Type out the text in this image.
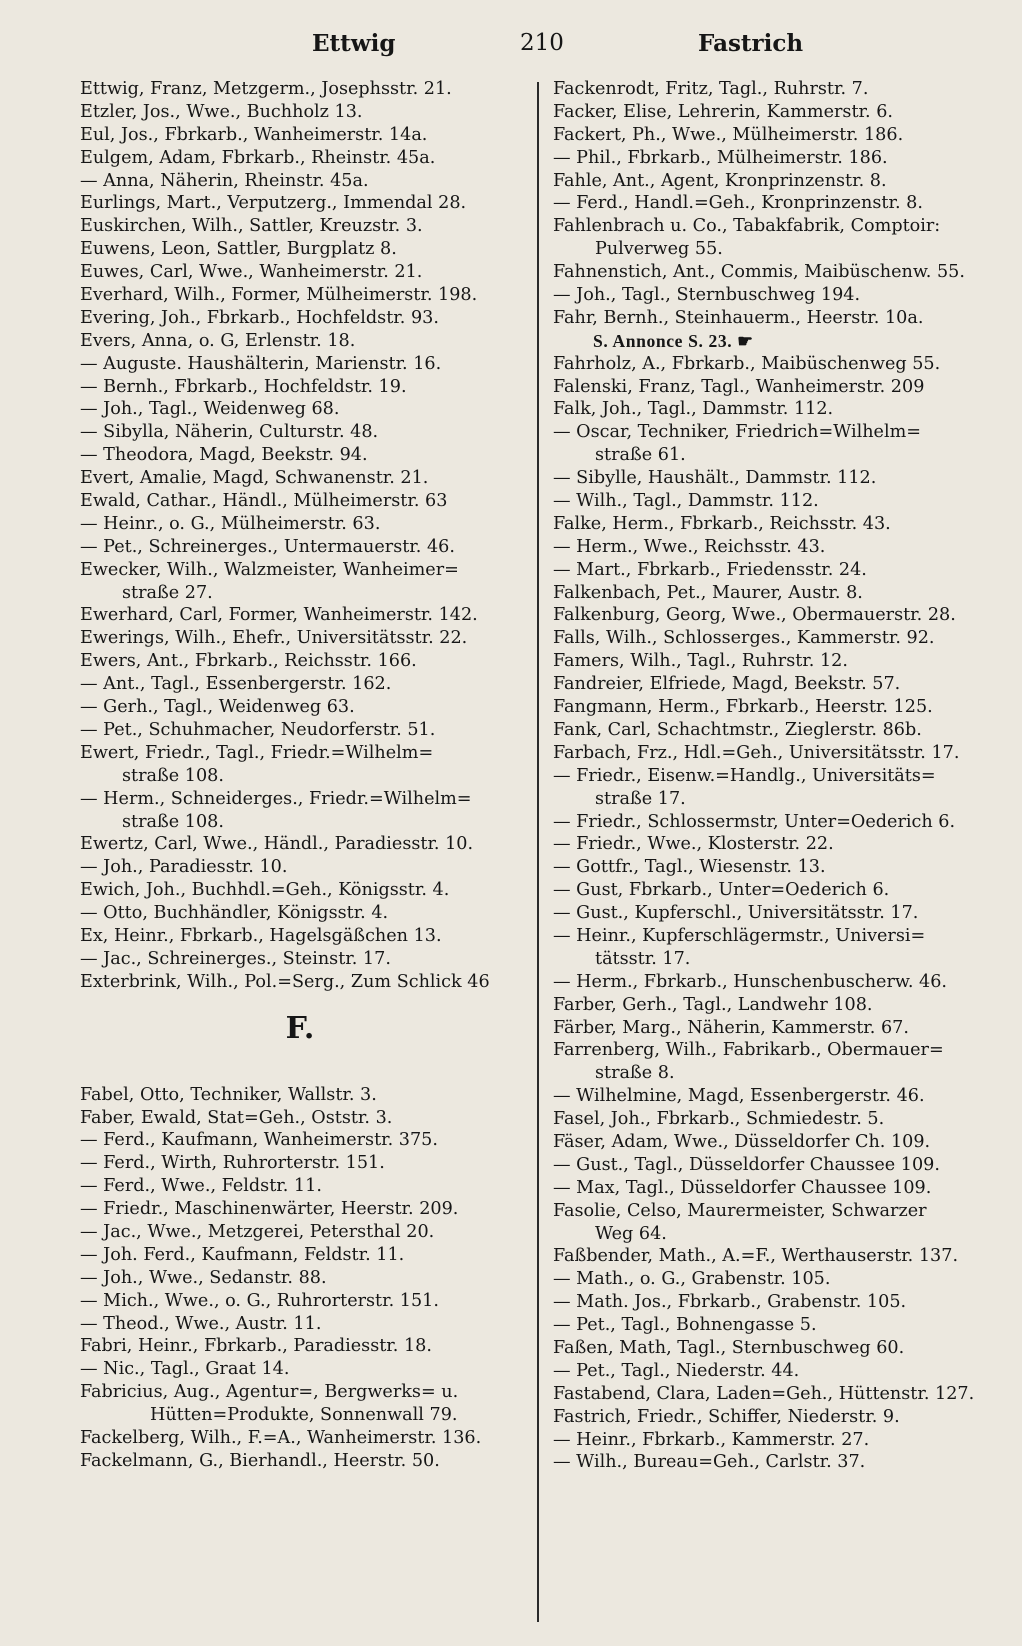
Ettwig	210	Fastrich
Ettwig, Franz, Metzgerm., Josephsstr. 21.
Etzler, Jos., Wwe., Buchholz 13.
Eul, Jos., Fbrkarb., Wanheimerstr. 14a.
Eulgem, Adam, Fbrkarb., Rheinstr. 45a.
— Anna, Näherin, Rheinstr. 45a.
Eurlings, Mart., Verputzerg., Immendal 28.
Euskirchen, Wilh., Sattler, Kreuzstr. 3.
Euwens, Leon, Sattler, Burgplatz 8.
Euwes, Carl, Wwe., Wanheimerstr. 21.
Everhard, Wilh., Former, Mülheimerstr. 198.
Evering, Joh., Fbrkarb., Hochfeldstr. 93.
Evers, Anna, o. G, Erlenstr. 18.
— Auguste. Haushälterin, Marienstr. 16.
— Bernh., Fbrkarb., Hochfeldstr. 19.
— Joh., Tagl., Weidenweg 68.
— Sibylla, Näherin, Culturstr. 48.
— Theodora, Magd, Beekstr. 94.
Evert, Amalie, Magd, Schwanenstr. 21.
Ewald, Cathar., Händl., Mülheimerstr. 63
— Heinr., o. G., Mülheimerstr. 63.
— Pet., Schreinerges., Untermauerstr. 46.
Ewecker, Wilh., Walzmeister, Wanheimer=
straße 27.
Ewerhard, Carl, Former, Wanheimerstr. 142.
Ewerings, Wilh., Ehefr., Universitätsstr. 22.
Ewers, Ant., Fbrkarb., Reichsstr. 166.
— Ant., Tagl., Essenbergerstr. 162.
— Gerh., Tagl., Weidenweg 63.
— Pet., Schuhmacher, Neudorferstr. 51.
Ewert, Friedr., Tagl., Friedr.=Wilhelm=
straße 108.
— Herm., Schneiderges., Friedr.=Wilhelm=
straße 108.
Ewertz, Carl, Wwe., Händl., Paradiesstr. 10.
— Joh., Paradiesstr. 10.
Ewich, Joh., Buchhdl.=Geh., Königsstr. 4.
— Otto, Buchhändler, Königsstr. 4.
Ex, Heinr., Fbrkarb., Hagelsgäßchen 13.
— Jac., Schreinerges., Steinstr. 17.
Exterbrink, Wilh., Pol.=Serg., Zum Schlick 46
F.
Fabel, Otto, Techniker, Wallstr. 3.
Faber, Ewald, Stat=Geh., Oststr. 3.
— Ferd., Kaufmann, Wanheimerstr. 375.
— Ferd., Wirth, Ruhrorterstr. 151.
— Ferd., Wwe., Feldstr. 11.
— Friedr., Maschinenwärter, Heerstr. 209.
— Jac., Wwe., Metzgerei, Petersthal 20.
— Joh. Ferd., Kaufmann, Feldstr. 11.
— Joh., Wwe., Sedanstr. 88.
— Mich., Wwe., o. G., Ruhrorterstr. 151.
— Theod., Wwe., Austr. 11.
Fabri, Heinr., Fbrkarb., Paradiesstr. 18.
— Nic., Tagl., Graat 14.
Fabricius, Aug., Agentur=, Bergwerks= u.
Hütten=Produkte, Sonnenwall 79.
Fackelberg, Wilh., F.=A., Wanheimerstr. 136.
Fackelmann, G., Bierhandl., Heerstr. 50.
Fackenrodt, Fritz, Tagl., Ruhrstr. 7.
Facker, Elise, Lehrerin, Kammerstr. 6.
Fackert, Ph., Wwe., Mülheimerstr. 186.
— Phil., Fbrkarb., Mülheimerstr. 186.
Fahle, Ant., Agent, Kronprinzenstr. 8.
— Ferd., Handl.=Geh., Kronprinzenstr. 8.
Fahlenbrach u. Co., Tabakfabrik, Comptoir:
Pulverweg 55.
Fahnenstich, Ant., Commis, Maibüschenw. 55.
— Joh., Tagl., Sternbuschweg 194.
Fahr, Bernh., Steinhauerm., Heerstr. 10a.
S. Annonce S. 23. ☛
Fahrholz, A., Fbrkarb., Maibüschenweg 55.
Falenski, Franz, Tagl., Wanheimerstr. 209
Falk, Joh., Tagl., Dammstr. 112.
— Oscar, Techniker, Friedrich=Wilhelm=
straße 61.
— Sibylle, Haushält., Dammstr. 112.
— Wilh., Tagl., Dammstr. 112.
Falke, Herm., Fbrkarb., Reichsstr. 43.
— Herm., Wwe., Reichsstr. 43.
— Mart., Fbrkarb., Friedensstr. 24.
Falkenbach, Pet., Maurer, Austr. 8.
Falkenburg, Georg, Wwe., Obermauerstr. 28.
Falls, Wilh., Schlosserges., Kammerstr. 92.
Famers, Wilh., Tagl., Ruhrstr. 12.
Fandreier, Elfriede, Magd, Beekstr. 57.
Fangmann, Herm., Fbrkarb., Heerstr. 125.
Fank, Carl, Schachtmstr., Zieglerstr. 86b.
Farbach, Frz., Hdl.=Geh., Universitätsstr. 17.
— Friedr., Eisenw.=Handlg., Universitäts=
straße 17.
— Friedr., Schlossermstr, Unter=Oederich 6.
— Friedr., Wwe., Klosterstr. 22.
— Gottfr., Tagl., Wiesenstr. 13.
— Gust, Fbrkarb., Unter=Oederich 6.
— Gust., Kupferschl., Universitätsstr. 17.
— Heinr., Kupferschlägermstr., Universi=
tätsstr. 17.
— Herm., Fbrkarb., Hunschenbuscherw. 46.
Farber, Gerh., Tagl., Landwehr 108.
Färber, Marg., Näherin, Kammerstr. 67.
Farrenberg, Wilh., Fabrikarb., Obermauer=
straße 8.
— Wilhelmine, Magd, Essenbergerstr. 46.
Fasel, Joh., Fbrkarb., Schmiedestr. 5.
Fäser, Adam, Wwe., Düsseldorfer Ch. 109.
— Gust., Tagl., Düsseldorfer Chaussee 109.
— Max, Tagl., Düsseldorfer Chaussee 109.
Fasolie, Celso, Maurermeister, Schwarzer
Weg 64.
Faßbender, Math., A.=F., Werthauserstr. 137.
— Math., o. G., Grabenstr. 105.
— Math. Jos., Fbrkarb., Grabenstr. 105.
— Pet., Tagl., Bohnengasse 5.
Faßen, Math, Tagl., Sternbuschweg 60.
— Pet., Tagl., Niederstr. 44.
Fastabend, Clara, Laden=Geh., Hüttenstr. 127.
Fastrich, Friedr., Schiffer, Niederstr. 9.
— Heinr., Fbrkarb., Kammerstr. 27.
— Wilh., Bureau=Geh., Carlstr. 37.
